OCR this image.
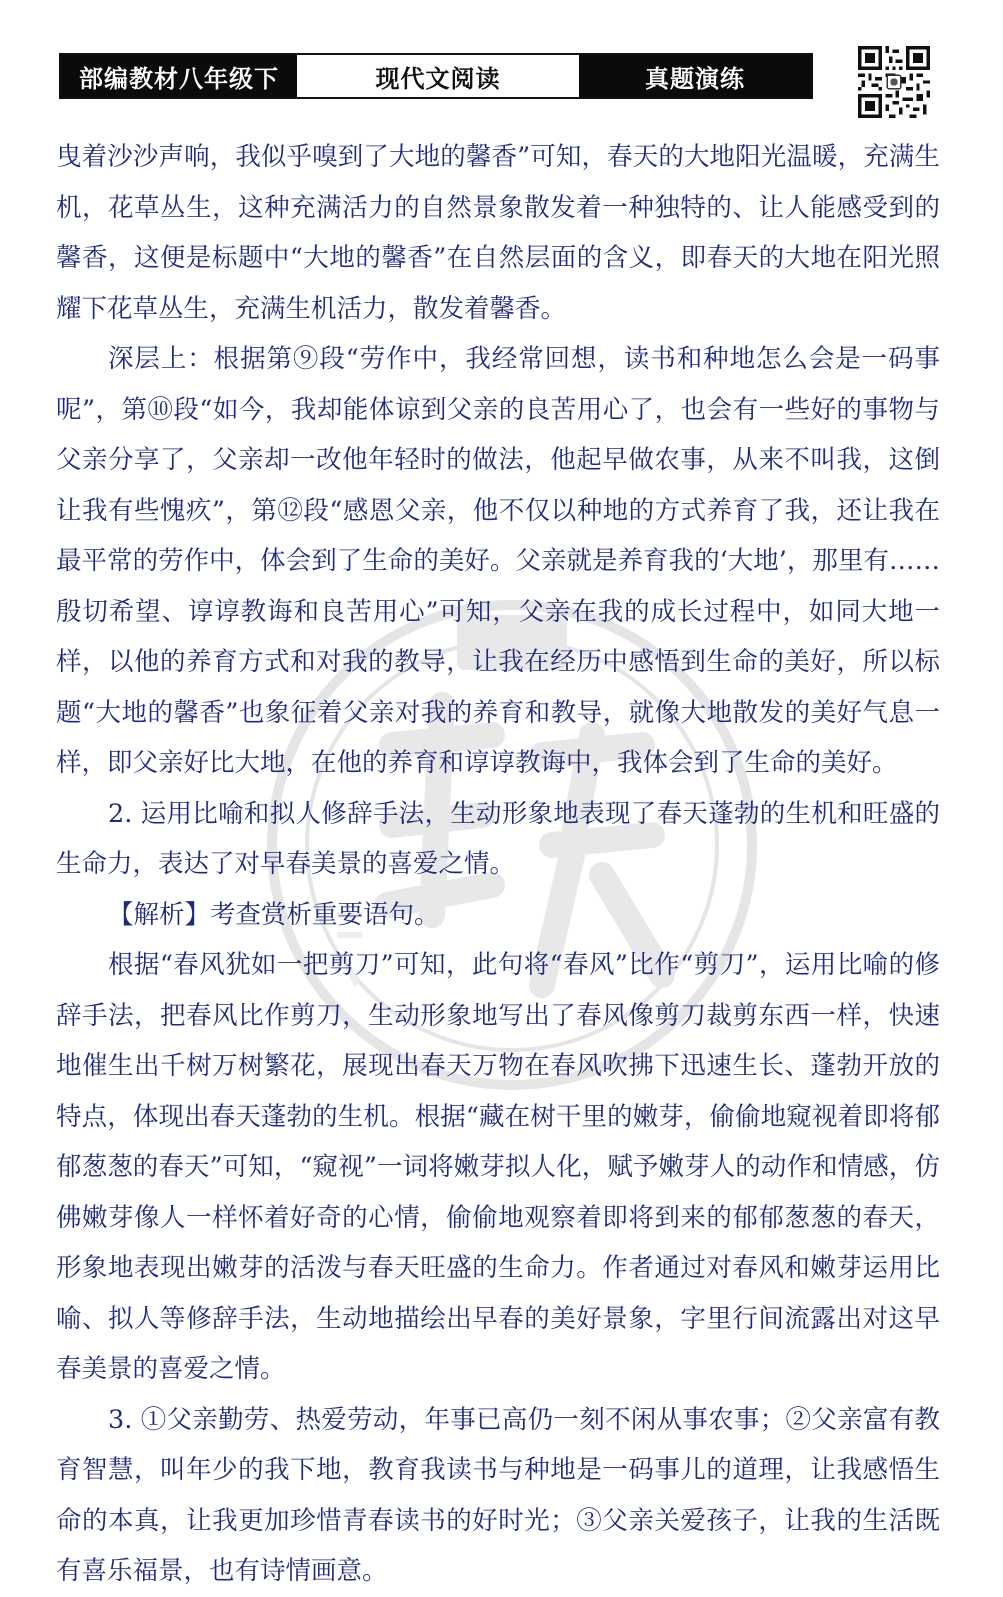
部编教材八年级下	现代文阅读	真题演练

曳着沙沙声响，我似乎嗅到了大地的馨香”可知，春天的大地阳光温暖，充满生机，花草丛生，这种充满活力的自然景象散发着一种独特的、让人能感受到的馨香，这便是标题中“大地的馨香”在自然层面的含义，即春天的大地在阳光照耀下花草丛生，充满生机活力，散发着馨香。

深层上：根据第⑨段“劳作中，我经常回想，读书和种地怎么会是一码事呢”，第⑩段“如今，我却能体谅到父亲的良苦用心了，也会有一些好的事物与父亲分享了，父亲却一改他年轻时的做法，他起早做农事，从来不叫我，这倒让我有些愧疚”，第⑫段“感恩父亲，他不仅以种地的方式养育了我，还让我在最平常的劳作中，体会到了生命的美好。父亲就是养育我的‘大地’，那里有……殷切希望、谆谆教诲和良苦用心”可知，父亲在我的成长过程中，如同大地一样，以他的养育方式和对我的教导，让我在经历中感悟到生命的美好，所以标题“大地的馨香”也象征着父亲对我的养育和教导，就像大地散发的美好气息一样，即父亲好比大地，在他的养育和谆谆教诲中，我体会到了生命的美好。

2. 运用比喻和拟人修辞手法，生动形象地表现了春天蓬勃的生机和旺盛的生命力，表达了对早春美景的喜爱之情。

【解析】考查赏析重要语句。

根据“春风犹如一把剪刀”可知，此句将“春风”比作“剪刀”，运用比喻的修辞手法，把春风比作剪刀，生动形象地写出了春风像剪刀裁剪东西一样，快速地催生出千树万树繁花，展现出春天万物在春风吹拂下迅速生长、蓬勃开放的特点，体现出春天蓬勃的生机。根据“藏在树干里的嫩芽，偷偷地窥视着即将郁郁葱葱的春天”可知，“窥视”一词将嫩芽拟人化，赋予嫩芽人的动作和情感，仿佛嫩芽像人一样怀着好奇的心情，偷偷地观察着即将到来的郁郁葱葱的春天，形象地表现出嫩芽的活泼与春天旺盛的生命力。作者通过对春风和嫩芽运用比喻、拟人等修辞手法，生动地描绘出早春的美好景象，字里行间流露出对这早春美景的喜爱之情。

3. ①父亲勤劳、热爱劳动，年事已高仍一刻不闲从事农事；②父亲富有教育智慧，叫年少的我下地，教育我读书与种地是一码事儿的道理，让我感悟生命的本真，让我更加珍惜青春读书的好时光；③父亲关爱孩子，让我的生活既有喜乐福景，也有诗情画意。
